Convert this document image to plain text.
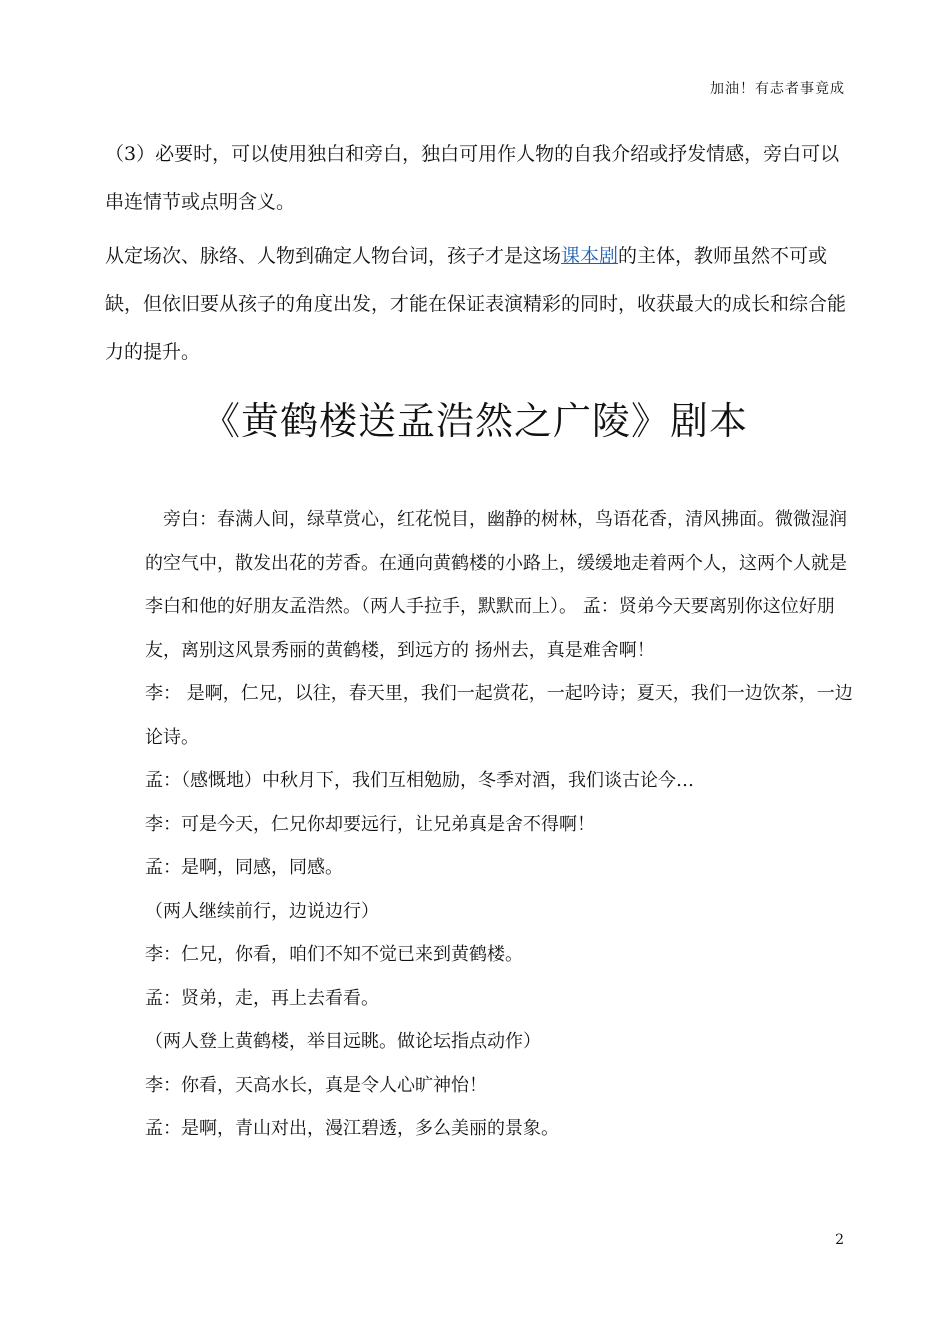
加油！有志者事竟成

（3）必要时，可以使用独白和旁白，独白可用作人物的自我介绍或抒发情感，旁白可以串连情节或点明含义。

从定场次、脉络、人物到确定人物台词，孩子才是这场课本剧的主体，教师虽然不可或缺，但依旧要从孩子的角度出发，才能在保证表演精彩的同时，收获最大的成长和综合能力的提升。

《黄鹤楼送孟浩然之广陵》剧本

旁白：春满人间，绿草赏心，红花悦目，幽静的树林，鸟语花香，清风拂面。微微湿润的空气中，散发出花的芳香。在通向黄鹤楼的小路上，缓缓地走着两个人，这两个人就是李白和他的好朋友孟浩然。（两人手拉手，默默而上）。 孟：贤弟今天要离别你这位好朋友，离别这风景秀丽的黄鹤楼，到远方的 扬州去，真是难舍啊！

李： 是啊，仁兄，以往，春天里，我们一起赏花，一起吟诗；夏天，我们一边饮茶，一边论诗。

孟：（感慨地）中秋月下，我们互相勉励，冬季对酒，我们谈古论今…

李：可是今天，仁兄你却要远行，让兄弟真是舍不得啊！

孟：是啊，同感，同感。

（两人继续前行，边说边行）

李：仁兄，你看，咱们不知不觉已来到黄鹤楼。

孟：贤弟，走，再上去看看。

（两人登上黄鹤楼，举目远眺。做论坛指点动作）

李：你看，天高水长，真是令人心旷神怡！

孟：是啊，青山对出，漫江碧透，多么美丽的景象。

2
